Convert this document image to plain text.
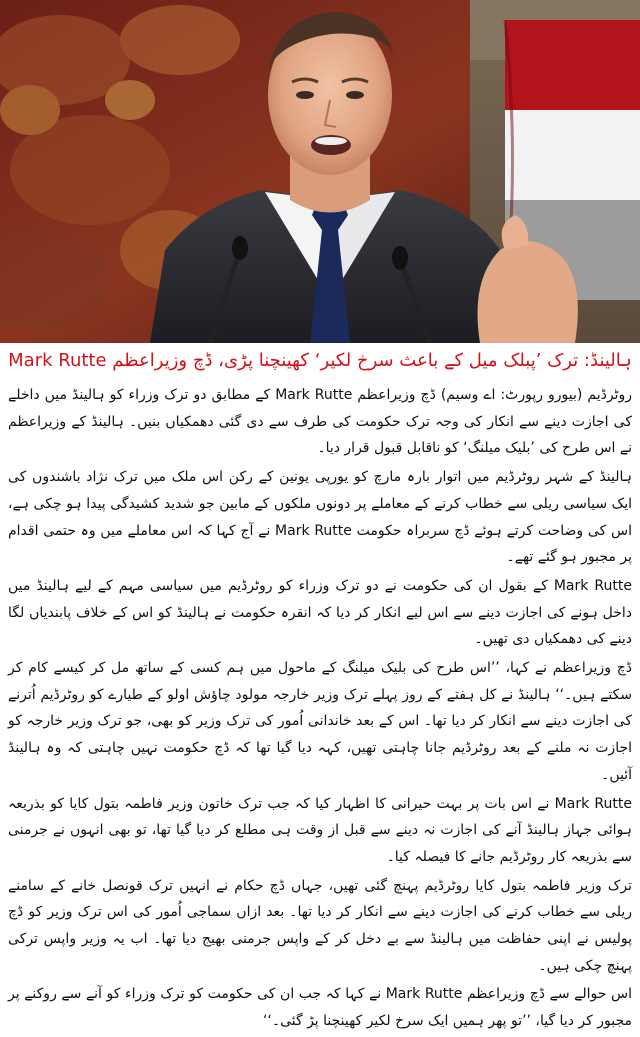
ہالینڈ: ترک ’پبلک میل کے باعث سرخ لکیر‘ کھینچنا پڑی، ڈچ وزیراعظم Mark Rutte

روٹرڈیم (بیورو رپورٹ: اے وسیم) ڈچ وزیراعظم Mark Rutte کے مطابق دو ترک وزراء کو ہالینڈ میں داخلے کی اجازت دینے سے انکار کی وجہ ترک حکومت کی طرف سے دی گئی دھمکیاں بنیں۔ ہالینڈ کے وزیراعظم نے اس طرح کی ’بلیک میلنگ‘ کو ناقابل قبول قرار دیا۔

ہالینڈ کے شہر روٹرڈیم میں اتوار بارہ مارچ کو یورپی یونین کے رکن اس ملک میں ترک نژاد باشندوں کی ایک سیاسی ریلی سے خطاب کرنے کے معاملے پر دونوں ملکوں کے مابین جو شدید کشیدگی پیدا ہو چکی ہے، اس کی وضاحت کرتے ہوئے ڈچ سربراہ حکومت Mark Rutte نے آج کہا کہ اس معاملے میں وہ حتمی اقدام پر مجبور ہو گئے تھے۔

Mark Rutte کے بقول ان کی حکومت نے دو ترک وزراء کو روٹرڈیم میں سیاسی مہم کے لیے ہالینڈ میں داخل ہونے کی اجازت دینے سے اس لیے انکار کر دیا کہ انقرہ حکومت نے ہالینڈ کو اس کے خلاف پابندیاں لگا دینے کی دھمکیاں دی تھیں۔

ڈچ وزیراعظم نے کہا، ’’اس طرح کی بلیک میلنگ کے ماحول میں ہم کسی کے ساتھ مل کر کیسے کام کر سکتے ہیں۔‘‘ ہالینڈ نے کل ہفتے کے روز پہلے ترک وزیر خارجہ مولود چاؤش اولو کے طیارے کو روٹرڈیم اُترنے کی اجازت دینے سے انکار کر دیا تھا۔ اس کے بعد خاندانی اُمور کی ترک وزیر کو بھی، جو ترک وزیر خارجہ کو اجازت نہ ملنے کے بعد روٹرڈیم جانا چاہتی تھیں، کہہ دیا گیا تھا کہ ڈچ حکومت نہیں چاہتی کہ وہ ہالینڈ آئیں۔

Mark Rutte نے اس بات پر بہت حیرانی کا اظہار کیا کہ جب ترک خاتون وزیر فاطمہ بتول کایا کو بذریعہ ہوائی جہاز ہالینڈ آنے کی اجازت نہ دینے سے قبل از وقت ہی مطلع کر دیا گیا تھا، تو بھی انہوں نے جرمنی سے بذریعہ کار روٹرڈیم جانے کا فیصلہ کیا۔

ترک وزیر فاطمہ بتول کایا روٹرڈیم پہنچ گئی تھیں، جہاں ڈچ حکام نے انہیں ترک قونصل خانے کے سامنے ریلی سے خطاب کرنے کی اجازت دینے سے انکار کر دیا تھا۔ بعد ازاں سماجی اُمور کی اس ترک وزیر کو ڈچ پولیس نے اپنی حفاظت میں ہالینڈ سے بے دخل کر کے واپس جرمنی بھیج دیا تھا۔ اب یہ وزیر واپس ترکی پہنچ چکی ہیں۔

اس حوالے سے ڈچ وزیراعظم Mark Rutte نے کہا کہ جب ان کی حکومت کو ترک وزراء کو آنے سے روکنے پر مجبور کر دیا گیا، ’’تو پھر ہمیں ایک سرخ لکیر کھینچنا پڑ گئی۔‘‘
